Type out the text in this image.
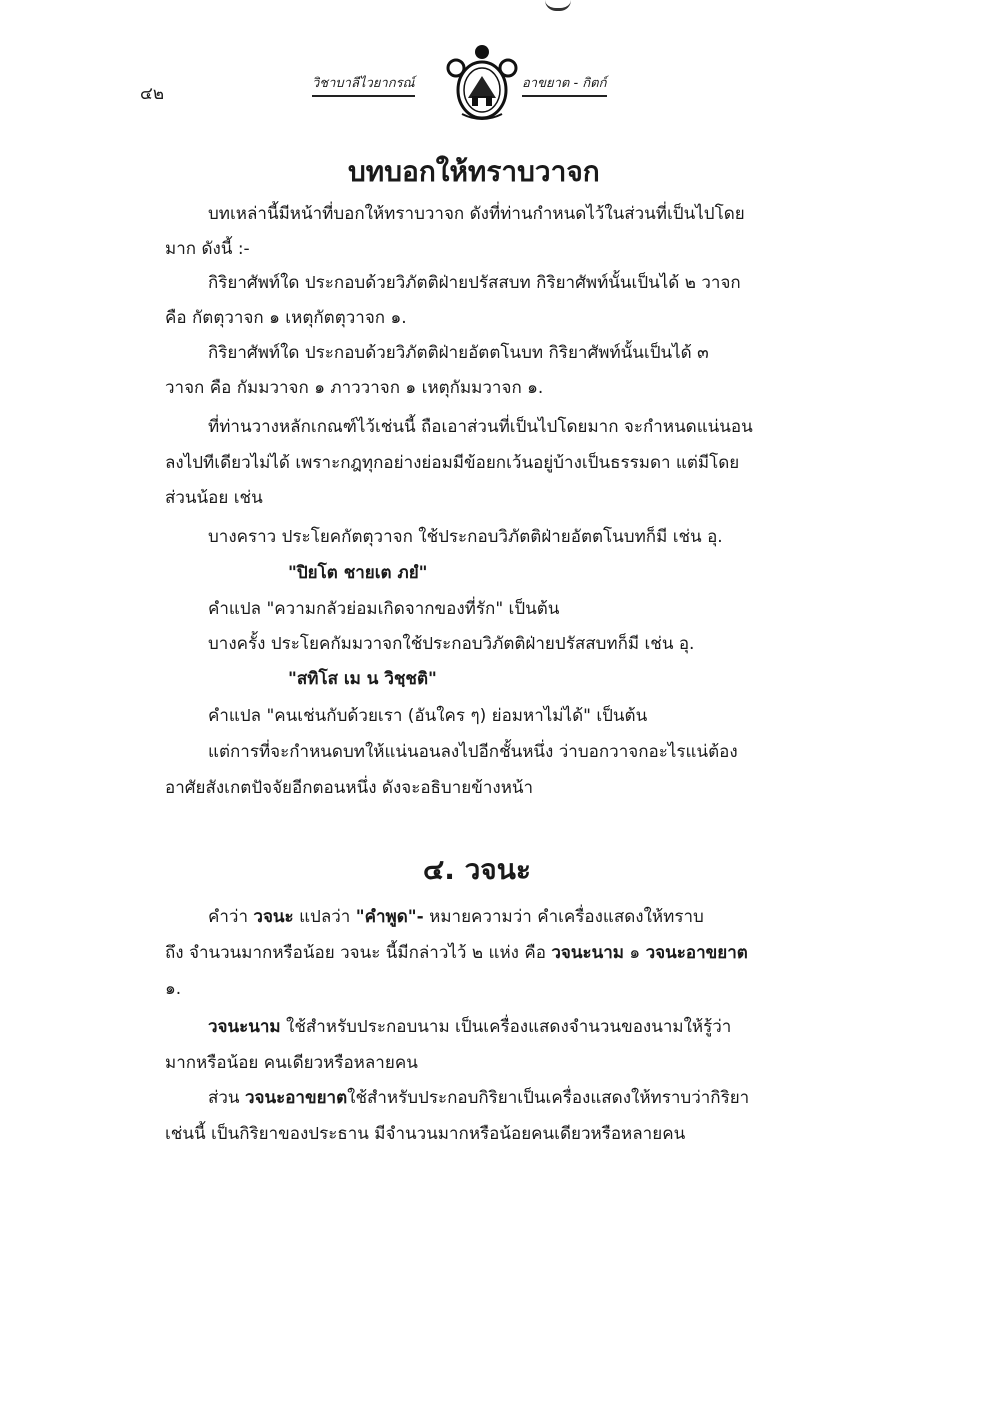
๔๒
วิชาบาลีไวยากรณ์	อาขยาต - กิตก์
บทบอกให้ทราบวาจก
บทเหล่านี้มีหน้าที่บอกให้ทราบวาจก ดังที่ท่านกำหนดไว้ในส่วนที่เป็นไปโดย
มาก ดังนี้ :-
กิริยาศัพท์ใด ประกอบด้วยวิภัตติฝ่ายปรัสสบท กิริยาศัพท์นั้นเป็นได้ ๒ วาจก
คือ กัตตุวาจก ๑ เหตุกัตตุวาจก ๑.
กิริยาศัพท์ใด ประกอบด้วยวิภัตติฝ่ายอัตตโนบท กิริยาศัพท์นั้นเป็นได้ ๓
วาจก คือ กัมมวาจก ๑ ภาววาจก ๑ เหตุกัมมวาจก ๑.
ที่ท่านวางหลักเกณฑ์ไว้เช่นนี้ ถือเอาส่วนที่เป็นไปโดยมาก จะกำหนดแน่นอน
ลงไปทีเดียวไม่ได้ เพราะกฎทุกอย่างย่อมมีข้อยกเว้นอยู่บ้างเป็นธรรมดา แต่มีโดย
ส่วนน้อย เช่น
บางคราว ประโยคกัตตุวาจก ใช้ประกอบวิภัตติฝ่ายอัตตโนบทก็มี เช่น อุ.
"ปิยโต ชายเต ภยํ"
คำแปล "ความกลัวย่อมเกิดจากของที่รัก" เป็นต้น
บางครั้ง ประโยคกัมมวาจกใช้ประกอบวิภัตติฝ่ายปรัสสบทก็มี เช่น อุ.
"สทิโส เม น วิชฺชติ"
คำแปล "คนเช่นกับด้วยเรา (อันใคร ๆ) ย่อมหาไม่ได้" เป็นต้น
แต่การที่จะกำหนดบทให้แน่นอนลงไปอีกชั้นหนึ่ง ว่าบอกวาจกอะไรแน่ต้อง
อาศัยสังเกตปัจจัยอีกตอนหนึ่ง ดังจะอธิบายข้างหน้า
๔. วจนะ
คำว่า วจนะ แปลว่า "คำพูด"- หมายความว่า คำเครื่องแสดงให้ทราบ
ถึง จำนวนมากหรือน้อย วจนะ นี้มีกล่าวไว้ ๒ แห่ง คือ วจนะนาม ๑ วจนะอาขยาต
๑.
วจนะนาม ใช้สำหรับประกอบนาม เป็นเครื่องแสดงจำนวนของนามให้รู้ว่า
มากหรือน้อย คนเดียวหรือหลายคน
ส่วน วจนะอาขยาตใช้สำหรับประกอบกิริยาเป็นเครื่องแสดงให้ทราบว่ากิริยา
เช่นนี้ เป็นกิริยาของประธาน มีจำนวนมากหรือน้อยคนเดียวหรือหลายคน
